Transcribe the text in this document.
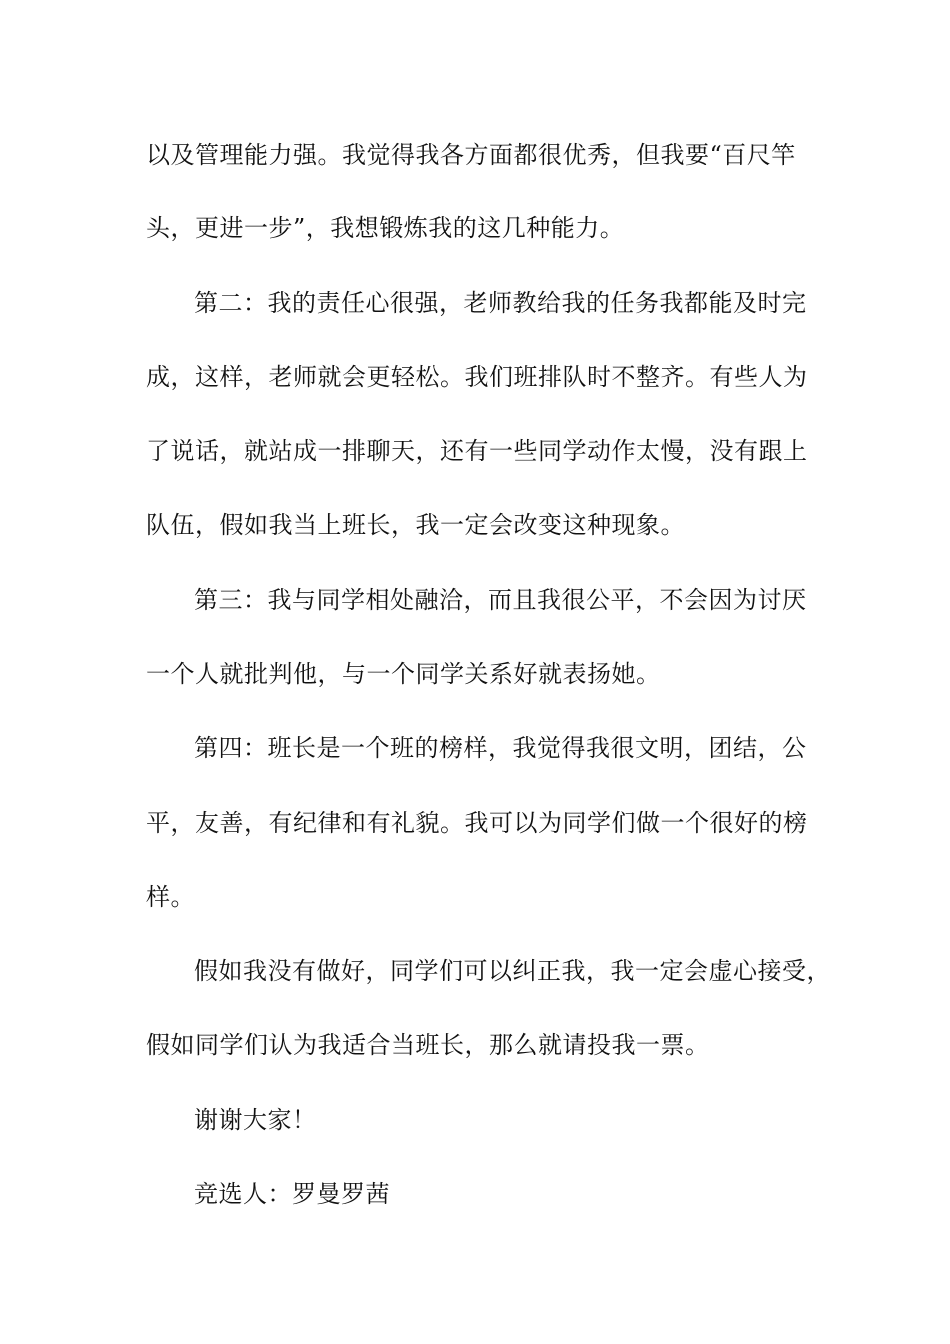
以及管理能力强。我觉得我各方面都很优秀，但我要“百尺竿
头，更进一步”，我想锻炼我的这几种能力。
第二：我的责任心很强，老师教给我的任务我都能及时完
成，这样，老师就会更轻松。我们班排队时不整齐。有些人为
了说话，就站成一排聊天，还有一些同学动作太慢，没有跟上
队伍，假如我当上班长，我一定会改变这种现象。
第三：我与同学相处融洽，而且我很公平，不会因为讨厌
一个人就批判他，与一个同学关系好就表扬她。
第四：班长是一个班的榜样，我觉得我很文明，团结，公
平，友善，有纪律和有礼貌。我可以为同学们做一个很好的榜
样。
假如我没有做好，同学们可以纠正我，我一定会虚心接受，
假如同学们认为我适合当班长，那么就请投我一票。
谢谢大家！
竞选人：罗曼罗茜
